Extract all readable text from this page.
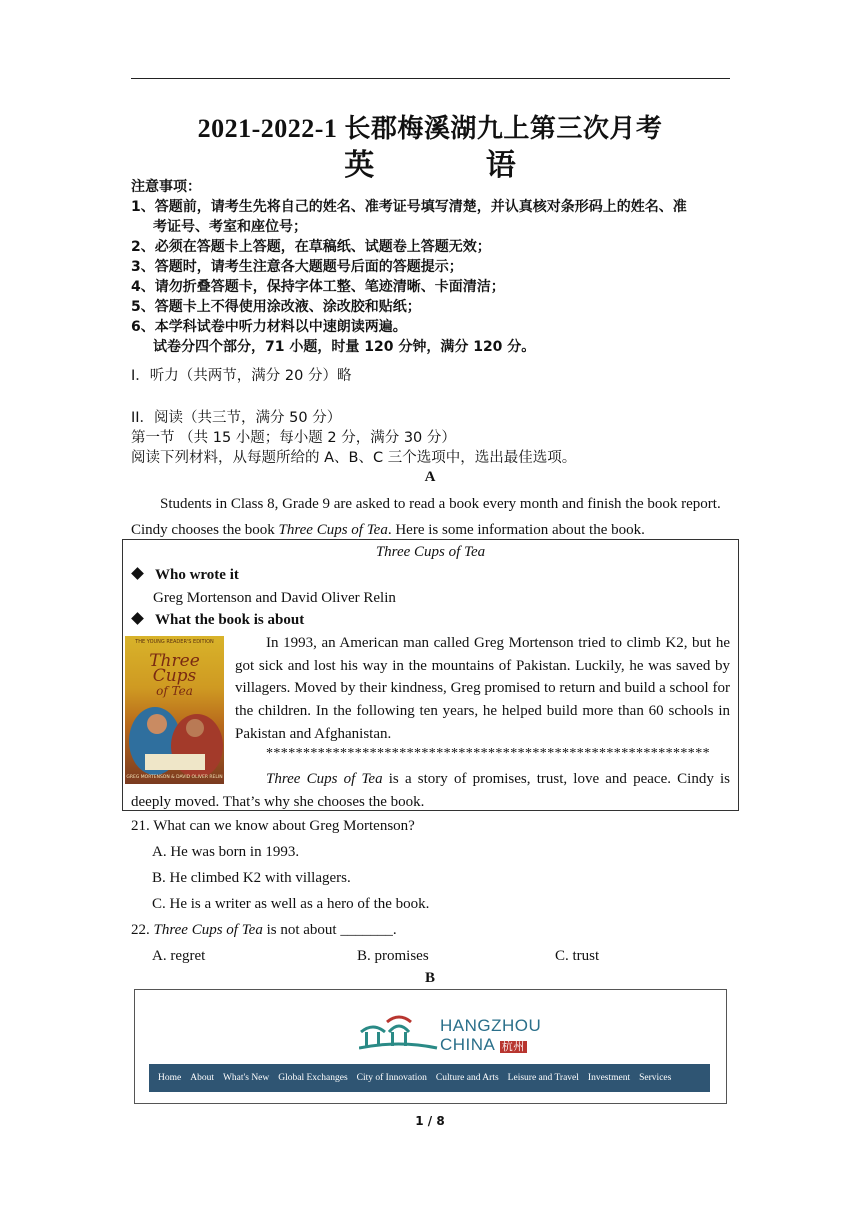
2021-2022-1 长郡梅溪湖九上第三次月考
英 语
注意事项：
1、答题前，请考生先将自己的姓名、准考证号填写清楚，并认真核对条形码上的姓名、准
考证号、考室和座位号；
2、必须在答题卡上答题，在草稿纸、试题卷上答题无效；
3、答题时，请考生注意各大题题号后面的答题提示；
4、请勿折叠答题卡，保持字体工整、笔迹清晰、卡面清洁；
5、答题卡上不得使用涂改液、涂改胶和贴纸；
6、本学科试卷中听力材料以中速朗读两遍。
试卷分四个部分，71 小题，时量 120 分钟，满分 120 分。
I．听力（共两节，满分 20 分）略
II．阅读（共三节，满分 50 分）
第一节 （共 15 小题；每小题 2 分，满分 30 分）
阅读下列材料，从每题所给的 A、B、C 三个选项中，选出最佳选项。
A
Students in Class 8, Grade 9 are asked to read a book every month and finish the book report.
Cindy chooses the book Three Cups of Tea. Here is some information about the book.
Three Cups of Tea
Who wrote it
Greg Mortenson and David Oliver Relin
What the book is about
THE YOUNG READER'S EDITION
Three
Cups
of Tea
GREG MORTENSON & DAVID OLIVER RELIN
In 1993, an American man called Greg Mortenson tried to climb K2, but he got sick and lost his way in the mountains of Pakistan. Luckily, he was saved by villagers. Moved by their kindness, Greg promised to return and build a school for the children. In the following ten years, he helped build more than 60 schools in Pakistan and Afghanistan.
************************************************************
Three Cups of Tea is a story of promises, trust, love and peace. Cindy is deeply moved. That’s why she chooses the book.
21. What can we know about Greg Mortenson?
A. He was born in 1993.
B. He climbed K2 with villagers.
C. He is a writer as well as a hero of the book.
22. Three Cups of Tea is not about _______.
A. regret	B. promises	C. trust
B
HANGZHOU
CHINA 杭州
Home About What's New Global Exchanges City of Innovation Culture and Arts Leisure and Travel Investment Services
1 / 8
